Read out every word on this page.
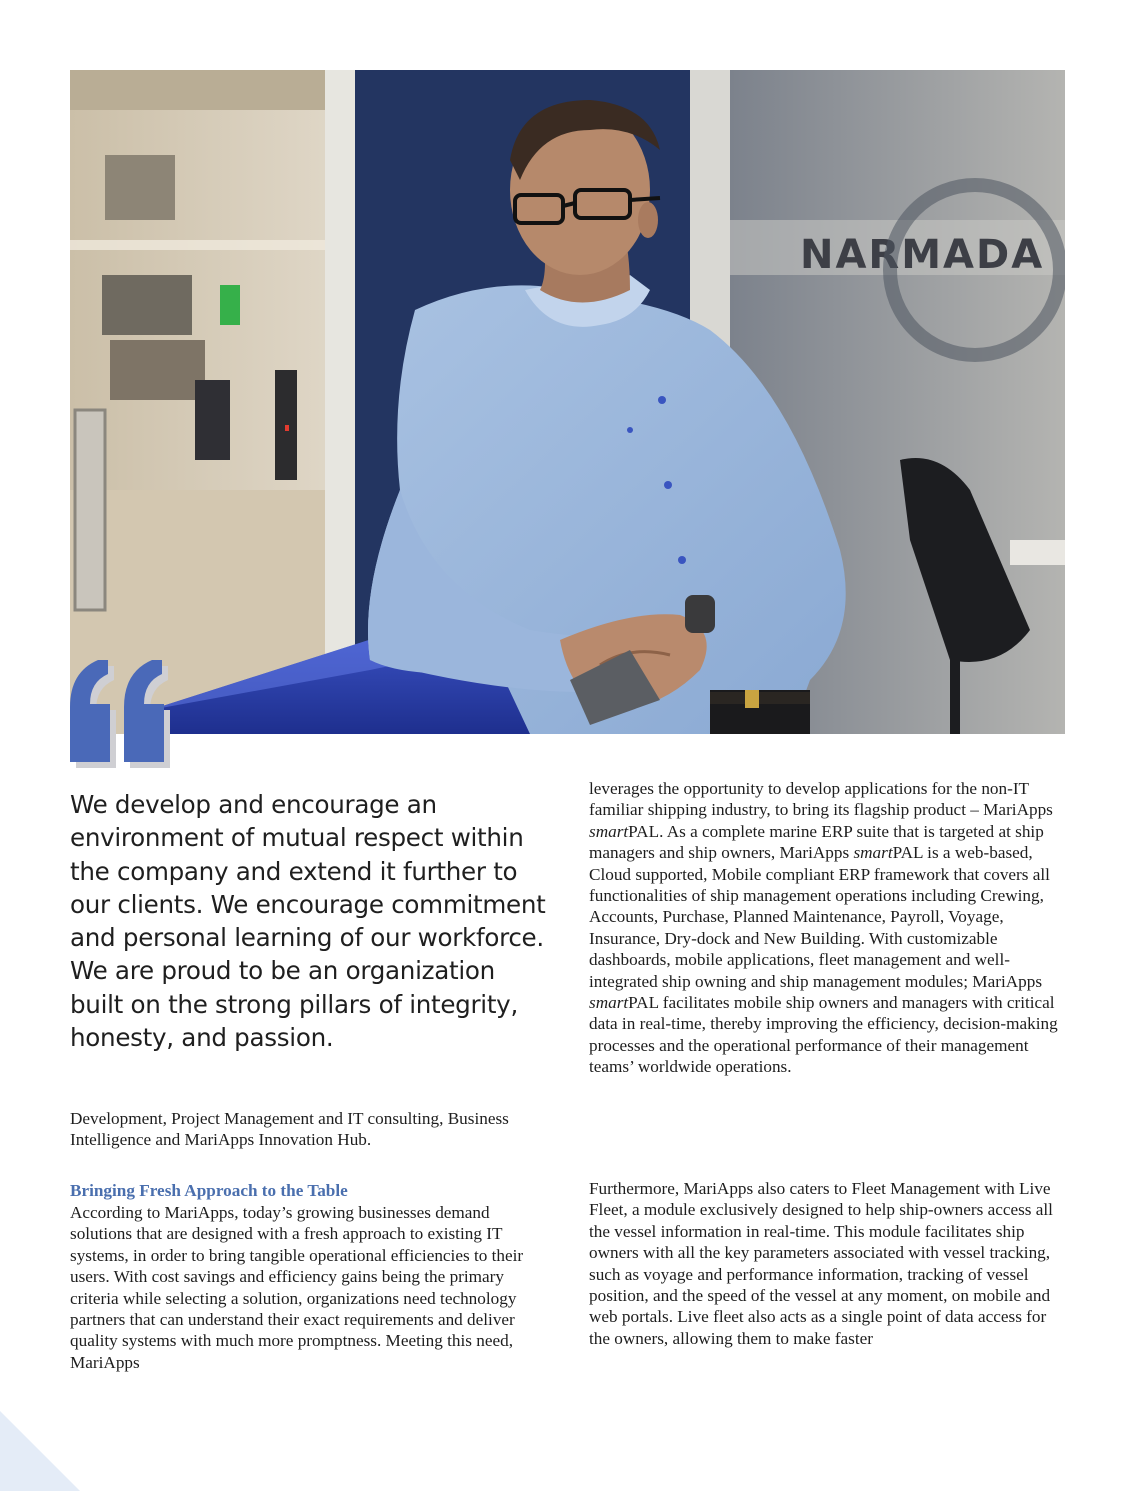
NARMADA
We develop and encourage an
environment of mutual respect within
the company and extend it further to
our clients. We encourage commitment
and personal learning of our workforce.
We are proud to be an organization
built on the strong pillars of integrity,
honesty, and passion.

Development, Project Management and IT consulting, Business Intelligence and MariApps Innovation Hub.

Bringing Fresh Approach to the Table

According to MariApps, today’s growing businesses demand solutions that are designed with a fresh approach to existing IT systems, in order to bring tangible operational efficiencies to their users. With cost savings and efficiency gains being the primary criteria while selecting a solution, organizations need technology partners that can understand their exact requirements and deliver quality systems with much more promptness. Meeting this need, MariApps

leverages the opportunity to develop applications for the non-IT familiar shipping industry, to bring its flagship product – MariApps smartPAL. As a complete marine ERP suite that is targeted at ship managers and ship owners, MariApps smartPAL is a web-based, Cloud supported, Mobile compliant ERP framework that covers all functionalities of ship management operations including Crewing, Accounts, Purchase, Planned Maintenance, Payroll, Voyage, Insurance, Dry-dock and New Building. With customizable dashboards, mobile applications, fleet management and well-integrated ship owning and ship management modules; MariApps smartPAL facilitates mobile ship owners and managers with critical data in real-time, thereby improving the efficiency, decision-making processes and the operational performance of their management teams’ worldwide operations.

Furthermore, MariApps also caters to Fleet Management with Live Fleet, a module exclusively designed to help ship-owners access all the vessel information in real-time. This module facilitates ship owners with all the key parameters associated with vessel tracking, such as voyage and performance information, tracking of vessel position, and the speed of the vessel at any moment, on mobile and web portals. Live fleet also acts as a single point of data access for the owners, allowing them to make faster
